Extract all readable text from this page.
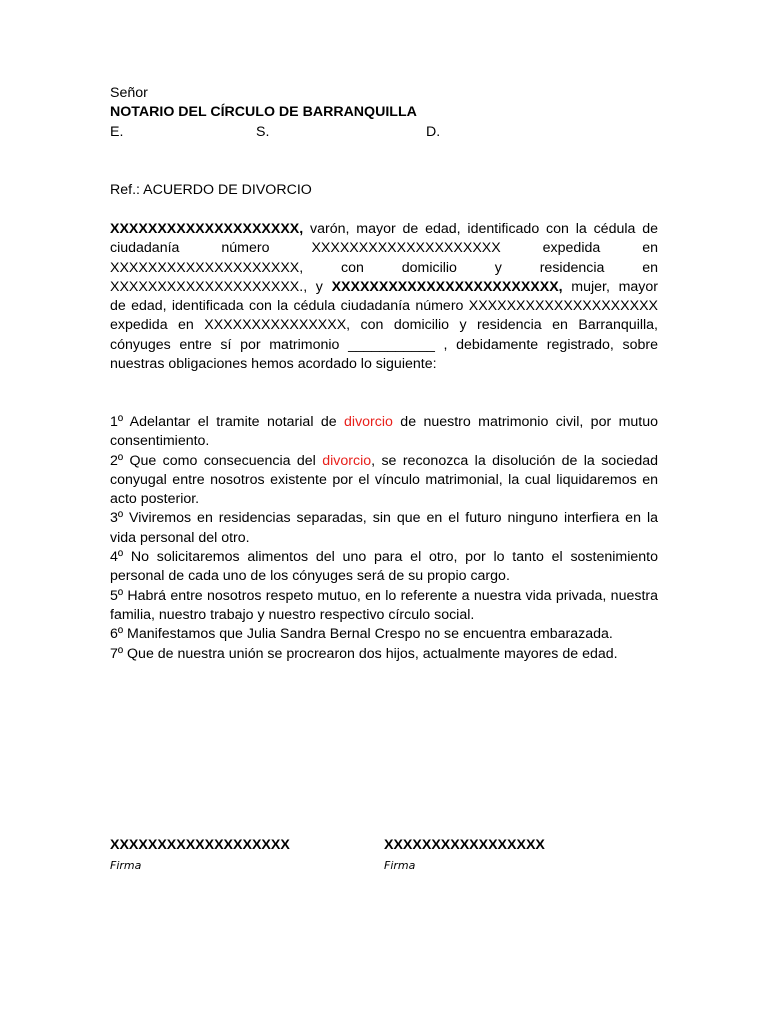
Señor

NOTARIO DEL CÍRCULO DE BARRANQUILLA

E.	S.	D.

Ref.: ACUERDO DE DIVORCIO

XXXXXXXXXXXXXXXXXXXX, varón, mayor de edad, identificado con la cédula de ciudadanía número XXXXXXXXXXXXXXXXXXXX expedida en XXXXXXXXXXXXXXXXXXXX, con domicilio y residencia en XXXXXXXXXXXXXXXXXXXX., y XXXXXXXXXXXXXXXXXXXXXXXX, mujer, mayor de edad, identificada con la cédula ciudadanía número XXXXXXXXXXXXXXXXXXXX expedida en XXXXXXXXXXXXXXX, con domicilio y residencia en Barranquilla, cónyuges entre sí por matrimonio ___________ , debidamente registrado, sobre nuestras obligaciones hemos acordado lo siguiente:

1º Adelantar el tramite notarial de divorcio de nuestro matrimonio civil, por mutuo consentimiento.

2º Que como consecuencia del divorcio, se reconozca la disolución de la sociedad conyugal entre nosotros existente por el vínculo matrimonial, la cual liquidaremos en acto posterior.

3º Viviremos en residencias separadas, sin que en el futuro ninguno interfiera en la vida personal del otro.

4º No solicitaremos alimentos del uno para el otro, por lo tanto el sostenimiento personal de cada uno de los cónyuges será de su propio cargo.

5º Habrá entre nosotros respeto mutuo, en lo referente a nuestra vida privada, nuestra familia, nuestro trabajo y nuestro respectivo círculo social.

6º Manifestamos que Julia Sandra Bernal Crespo no se encuentra embarazada.

7º Que de nuestra unión se procrearon dos hijos, actualmente mayores de edad.

XXXXXXXXXXXXXXXXXXX
Firma
XXXXXXXXXXXXXXXXX
Firma
